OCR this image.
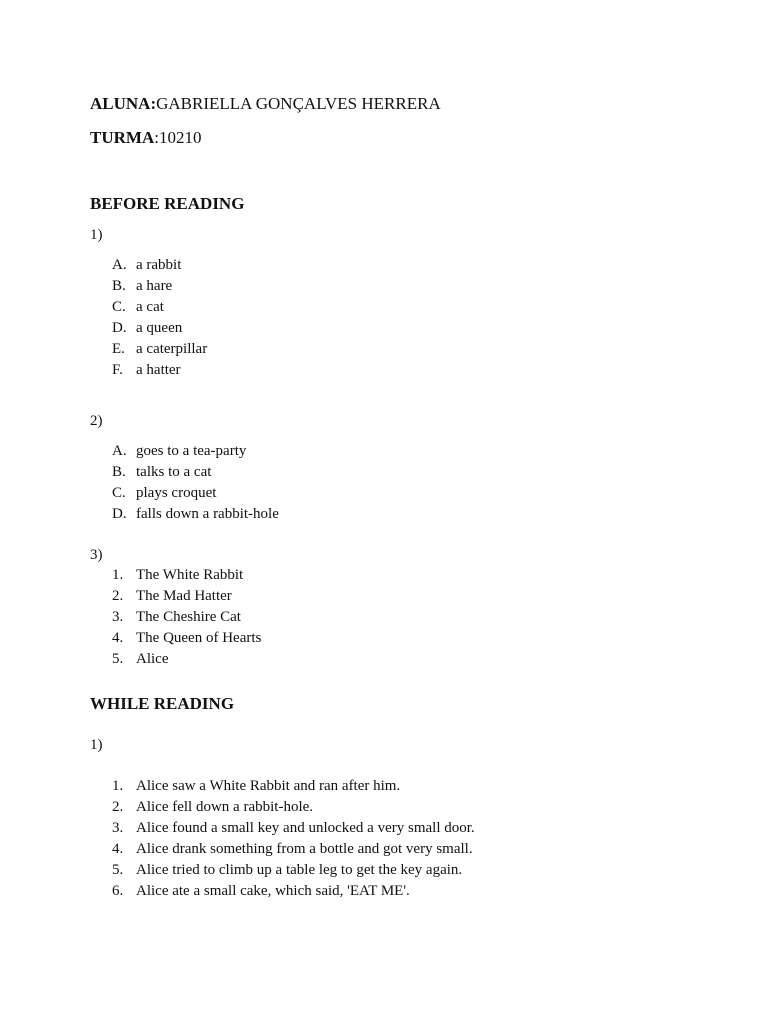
ALUNA:GABRIELLA GONÇALVES HERRERA
TURMA:10210
BEFORE READING
1)
A. a rabbit
B. a hare
C. a cat
D. a queen
E. a caterpillar
F. a hatter
2)
A. goes to a tea-party
B. talks to a cat
C. plays croquet
D. falls down a rabbit-hole
3)
1. The White Rabbit
2. The Mad Hatter
3. The Cheshire Cat
4. The Queen of Hearts
5. Alice
WHILE READING
1)
1. Alice saw a White Rabbit and ran after him.
2. Alice fell down a rabbit-hole.
3. Alice found a small key and unlocked a very small door.
4. Alice drank something from a bottle and got very small.
5. Alice tried to climb up a table leg to get the key again.
6. Alice ate a small cake, which said, 'EAT ME'.
